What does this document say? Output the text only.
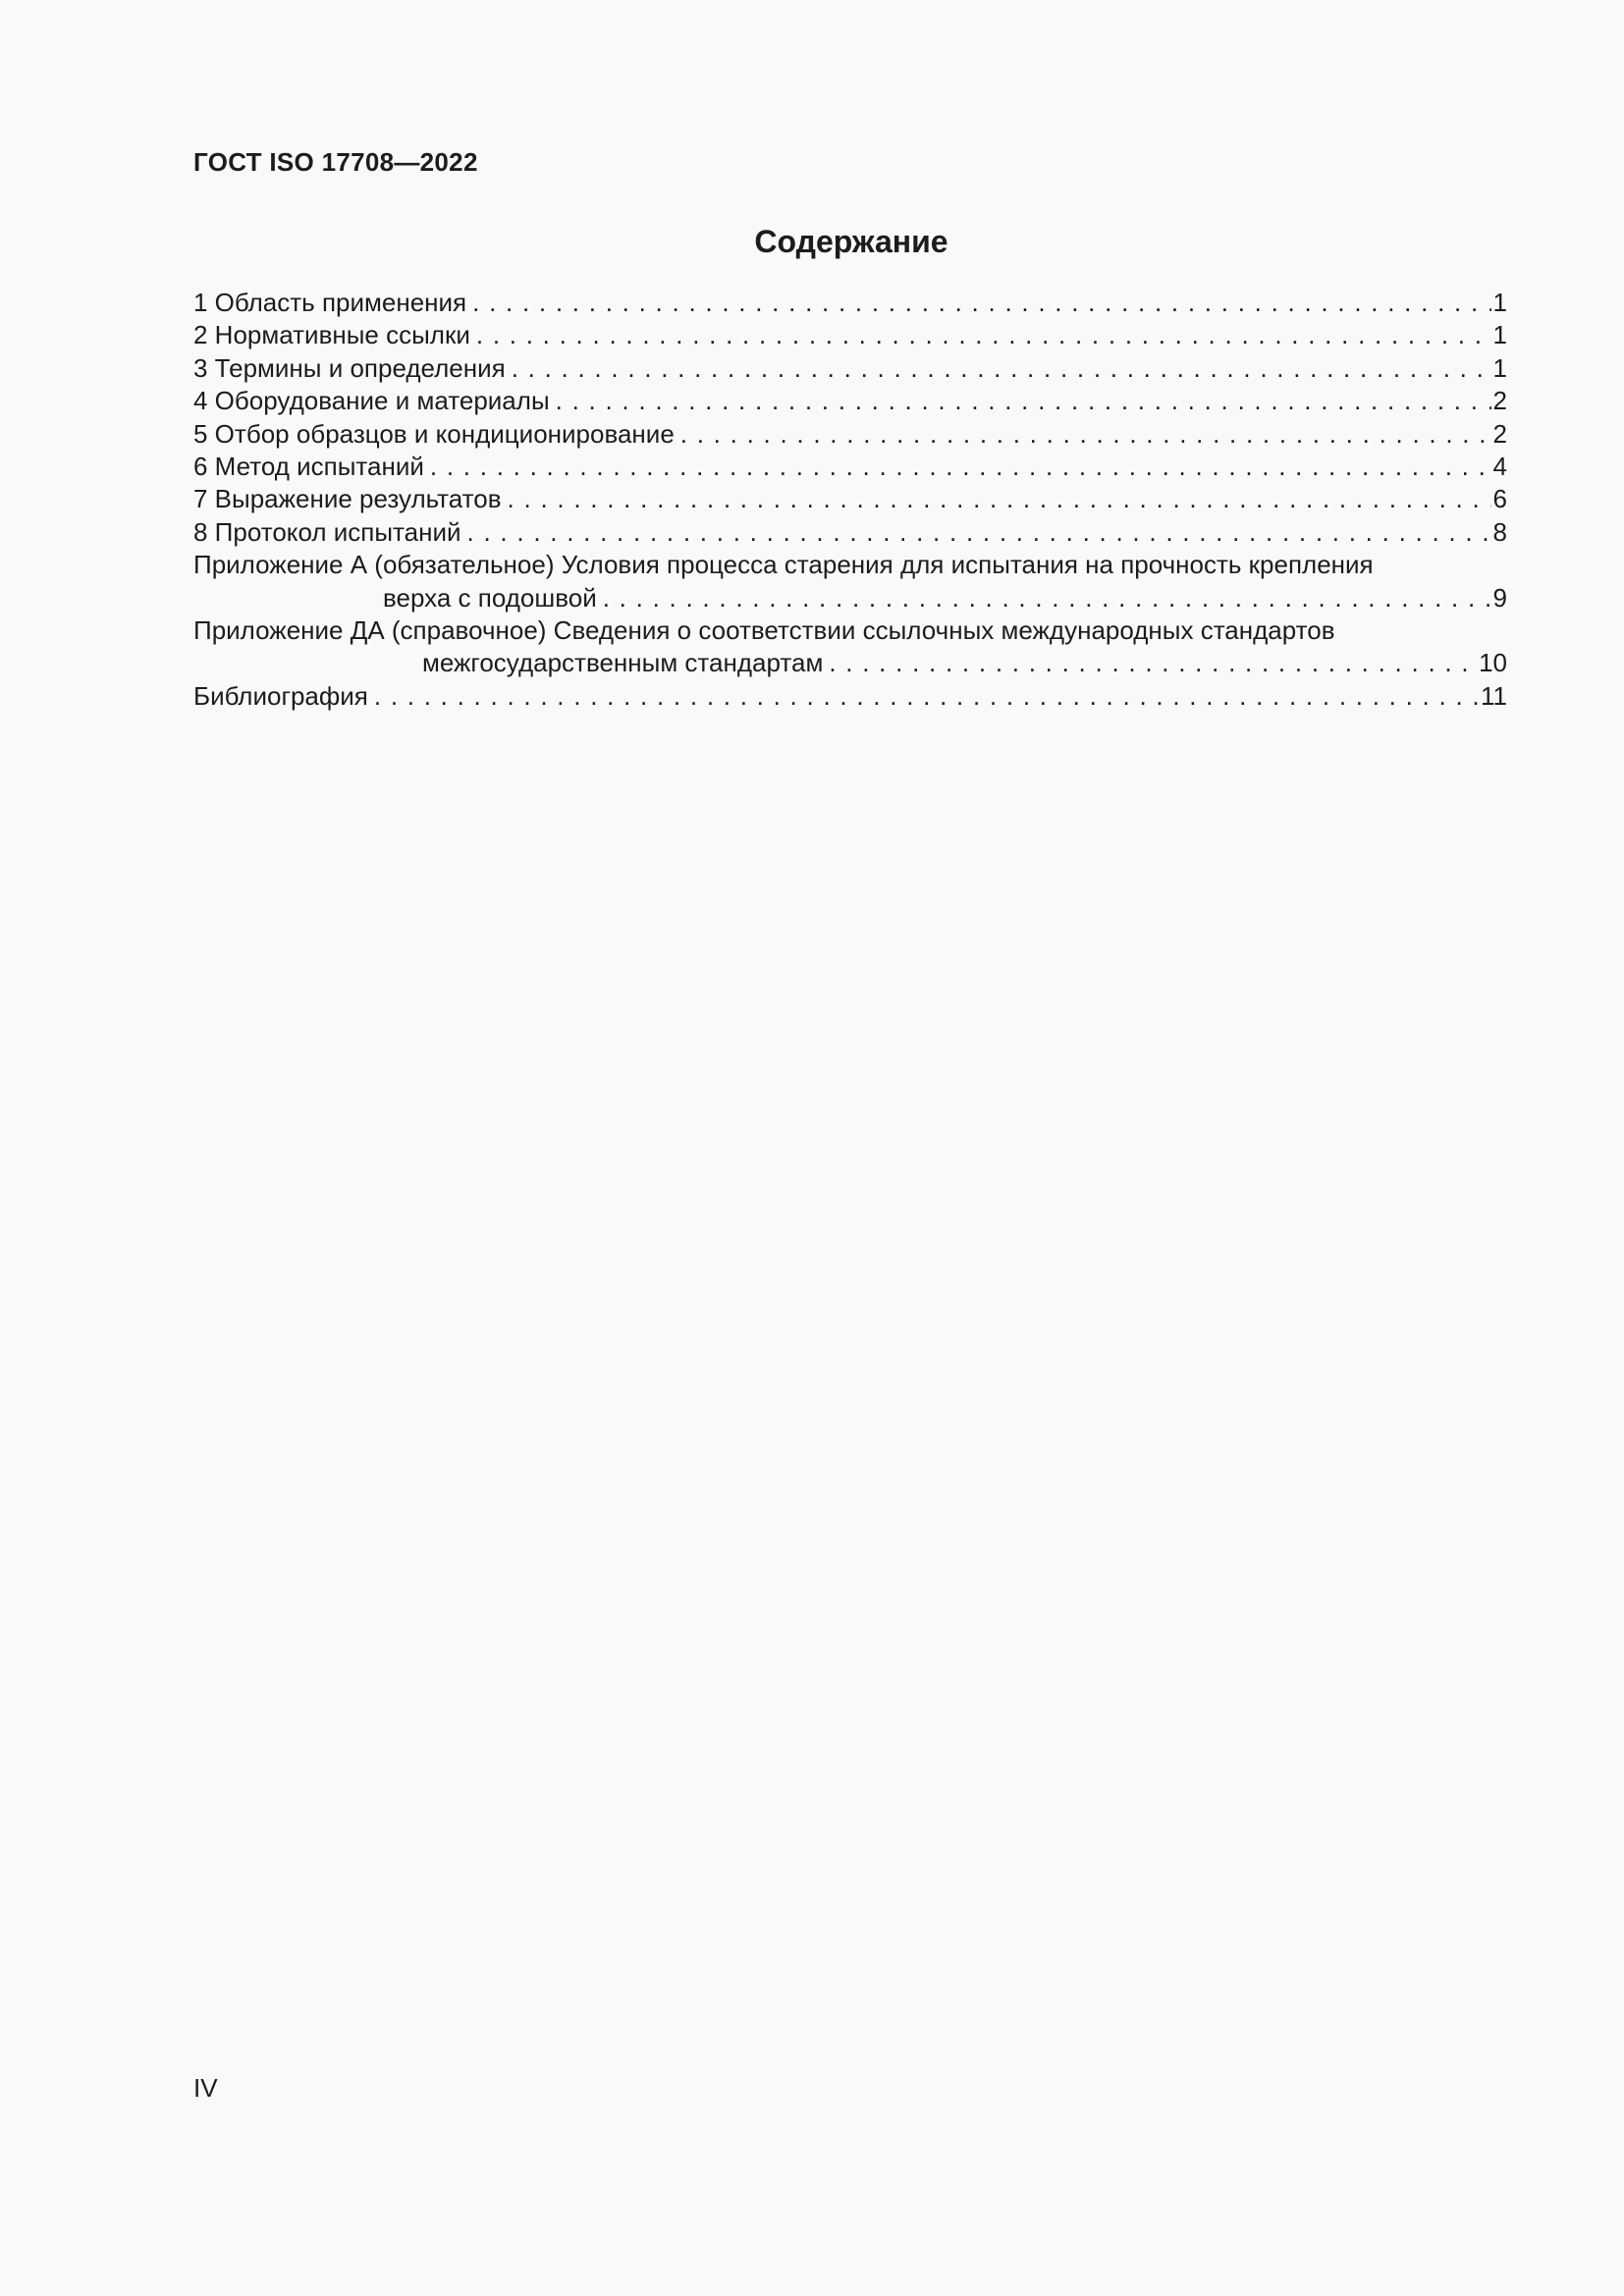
ГОСТ ISO 17708—2022
Содержание
1 Область применения . . .	1
2 Нормативные ссылки . . .	1
3 Термины и определения . . .	1
4 Оборудование и материалы . . .	2
5 Отбор образцов и кондиционирование . . .	2
6 Метод испытаний . . .	4
7 Выражение результатов . . .	6
8 Протокол испытаний . . .	8
Приложение А (обязательное) Условия процесса старения для испытания на прочность крепления
верха с подошвой . . .	9
Приложение ДА (справочное) Сведения о соответствии ссылочных международных стандартов
межгосударственным стандартам . . .	10
Библиография . . .	11
IV
